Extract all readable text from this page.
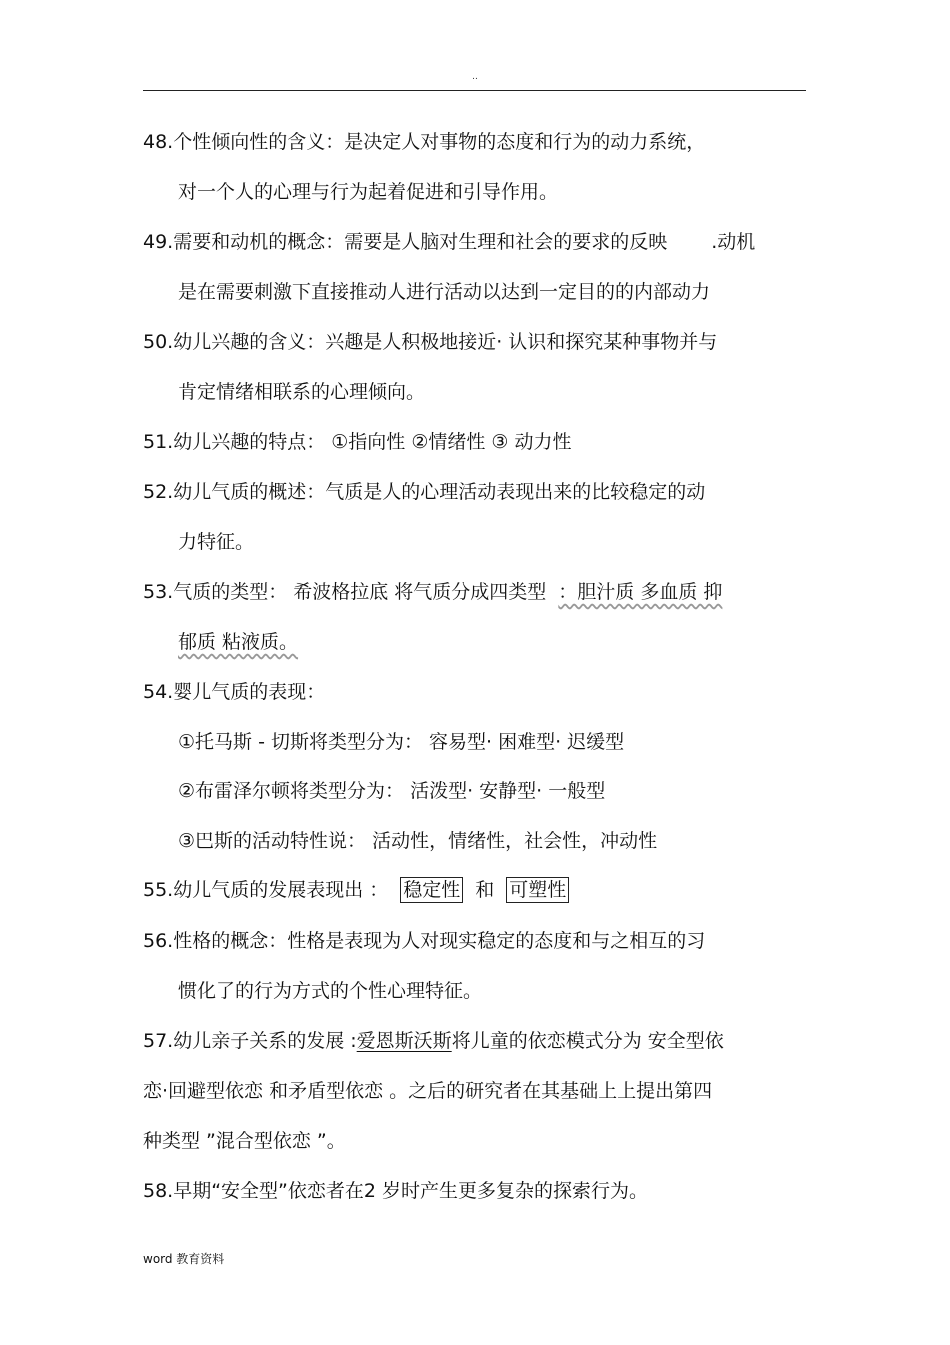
..
48.个性倾向性的含义：是决定人对事物的态度和行为的动力系统，
对一个人的心理与行为起着促进和引导作用。
49.需要和动机的概念：需要是人脑对生理和社会的要求的反映 .动机
是在需要刺激下直接推动人进行活动以达到一定目的的内部动力
50.幼儿兴趣的含义：兴趣是人积极地接近· 认识和探究某种事物并与
肯定情绪相联系的心理倾向。
51.幼儿兴趣的特点： ①指向性 ②情绪性 ③ 动力性
52.幼儿气质的概述：气质是人的心理活动表现出来的比较稳定的动
力特征。
53.气质的类型： 希波格拉底 将气质分成四类型 ：胆汁质 多血质 抑
郁质 粘液质。
54.婴儿气质的表现：
①托马斯 - 切斯将类型分为： 容易型· 困难型· 迟缓型
②布雷泽尔顿将类型分为： 活泼型· 安静型· 一般型
③巴斯的活动特性说： 活动性，情绪性，社会性，冲动性
55.幼儿气质的发展表现出 ： 稳定性 和 可塑性
56.性格的概念：性格是表现为人对现实稳定的态度和与之相互的习
惯化了的行为方式的个性心理特征。
57.幼儿亲子关系的发展 :爱恩斯沃斯将儿童的依恋模式分为 安全型依
恋·回避型依恋 和矛盾型依恋 。之后的研究者在其基础上上提出第四
种类型 ”混合型依恋 ”。
58.早期“安全型”依恋者在2 岁时产生更多复杂的探索行为。
word 教育资料
